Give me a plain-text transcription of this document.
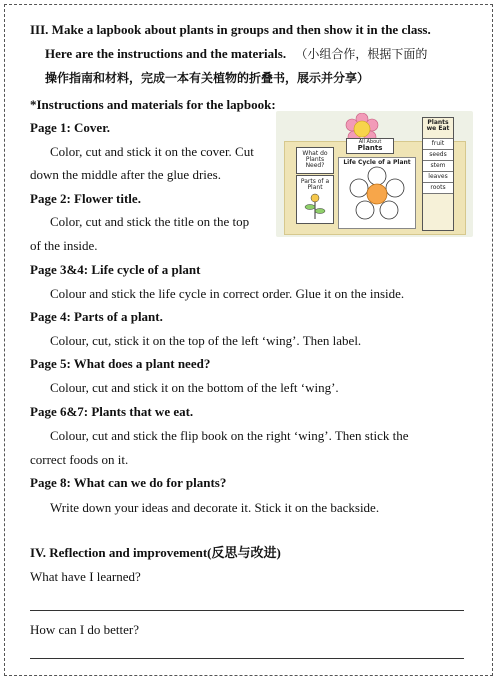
III. Make a lapbook about plants in groups and then show it in the class.
Here are the instructions and the materials. （小组合作，根据下面的
操作指南和材料，完成一本有关植物的折叠书，展示并分享）
*Instructions and materials for the lapbook:
Page 1: Cover.
Color, cut and stick it on the cover. Cut
down the middle after the glue dries.
Page 2: Flower title.
Color, cut and stick the title on the top
of the inside.
Page 3&4: Life cycle of a plant
Colour and stick the life cycle in correct order. Glue it on the inside.
Page 4: Parts of a plant.
Colour, cut, stick it on the top of the left ‘wing’. Then label.
Page 5: What does a plant need?
Colour, cut and stick it on the bottom of the left ‘wing’.
Page 6&7: Plants that we eat.
Colour, cut and stick the flip book on the right ‘wing’. Then stick the
correct foods on it.
Page 8: What can we do for plants?
Write down your ideas and decorate it. Stick it on the backside.
IV. Reflection and improvement(反思与改进)
What have I learned?
How can I do better?
What do Plants Need?
Parts of a Plant
All About
Plants
Life Cycle of a Plant
Plants we Eat
fruit
seeds
stem
leaves
roots
